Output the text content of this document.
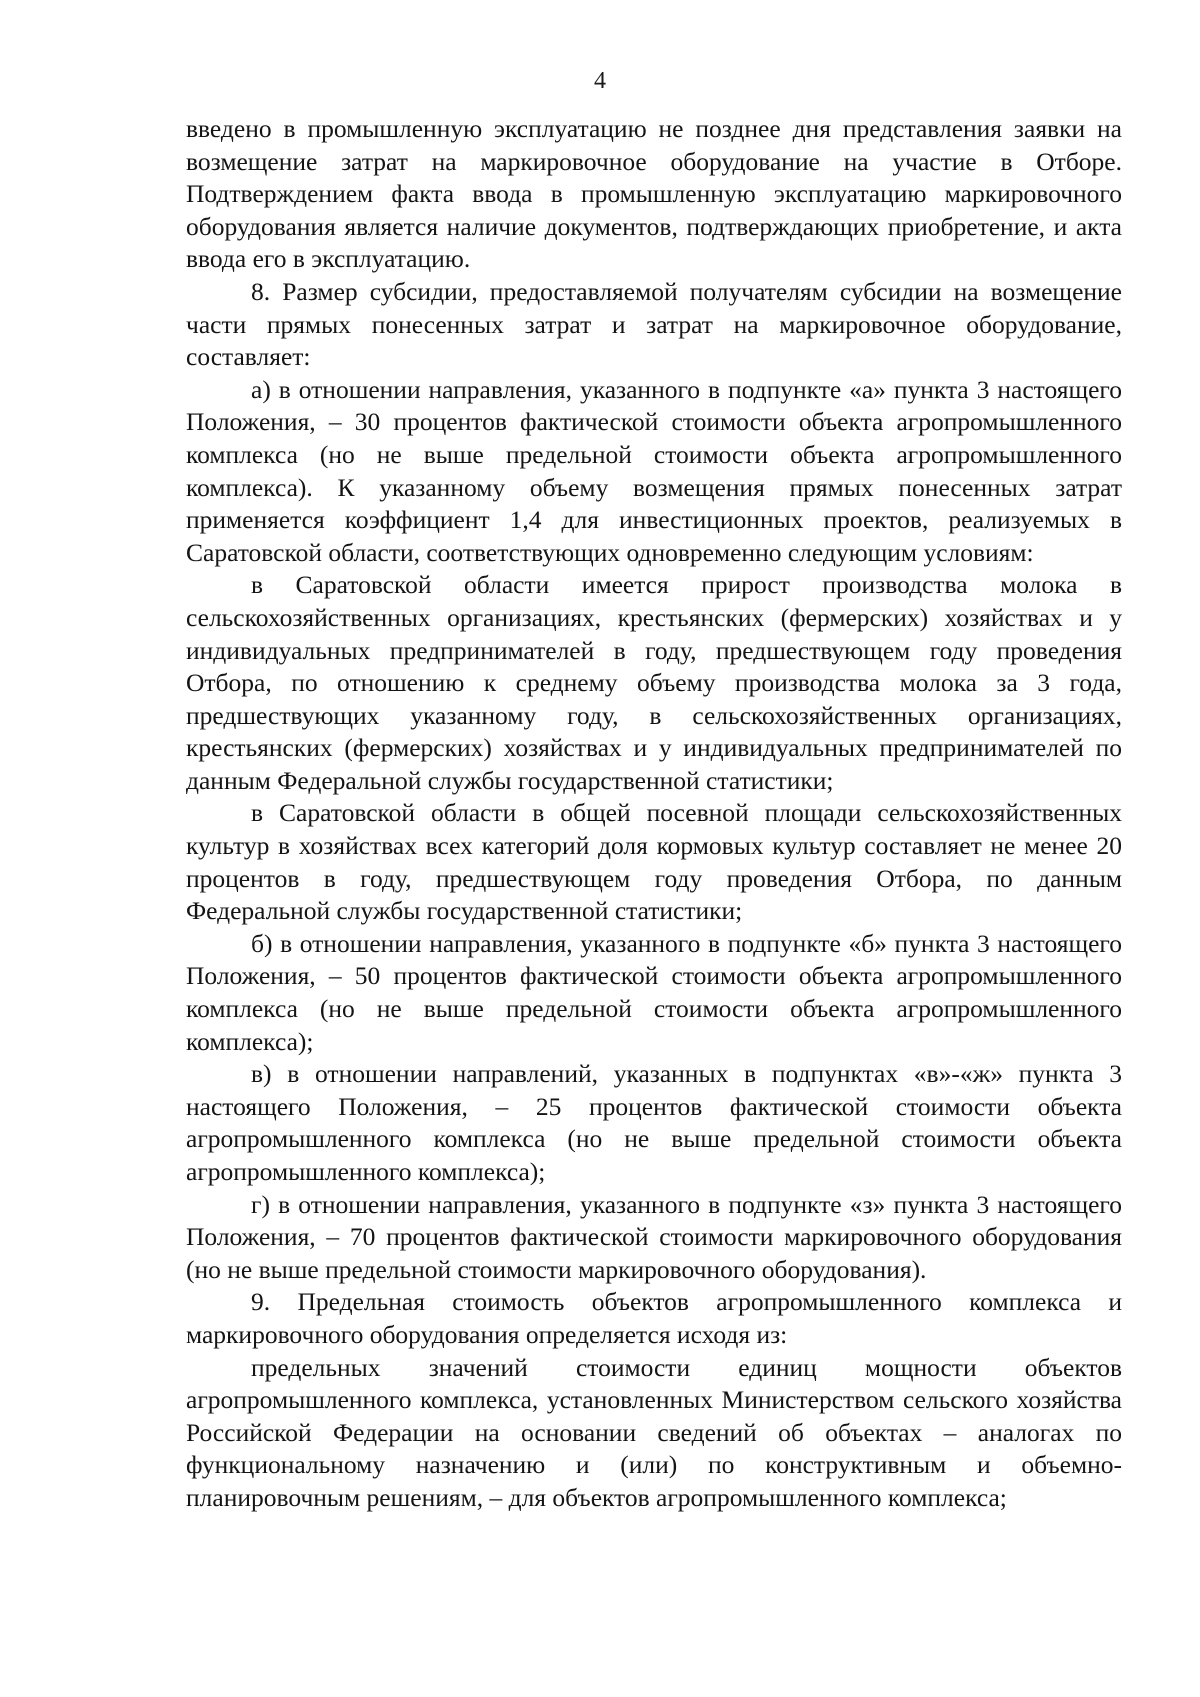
4

введено в промышленную эксплуатацию не позднее дня представления заявки на возмещение затрат на маркировочное оборудование на участие в Отборе. Подтверждением факта ввода в промышленную эксплуатацию маркировочного оборудования является наличие документов, подтверждающих приобретение, и акта ввода его в эксплуатацию.

8. Размер субсидии, предоставляемой получателям субсидии на возмещение части прямых понесенных затрат и затрат на маркировочное оборудование, составляет:

а) в отношении направления, указанного в подпункте «а» пункта 3 настоящего Положения, – 30 процентов фактической стоимости объекта агропромышленного комплекса (но не выше предельной стоимости объекта агропромышленного комплекса). К указанному объему возмещения прямых понесенных затрат применяется коэффициент 1,4 для инвестиционных проектов, реализуемых в Саратовской области, соответствующих одновременно следующим условиям:

в Саратовской области имеется прирост производства молока в сельскохозяйственных организациях, крестьянских (фермерских) хозяйствах и у индивидуальных предпринимателей в году, предшествующем году проведения Отбора, по отношению к среднему объему производства молока за 3 года, предшествующих указанному году, в сельскохозяйственных организациях, крестьянских (фермерских) хозяйствах и у индивидуальных предпринимателей по данным Федеральной службы государственной статистики;

в Саратовской области в общей посевной площади сельскохозяйственных культур в хозяйствах всех категорий доля кормовых культур составляет не менее 20 процентов в году, предшествующем году проведения Отбора, по данным Федеральной службы государственной статистики;

б) в отношении направления, указанного в подпункте «б» пункта 3 настоящего Положения, – 50 процентов фактической стоимости объекта агропромышленного комплекса (но не выше предельной стоимости объекта агропромышленного комплекса);

в) в отношении направлений, указанных в подпунктах «в»-«ж» пункта 3 настоящего Положения, – 25 процентов фактической стоимости объекта агропромышленного комплекса (но не выше предельной стоимости объекта агропромышленного комплекса);

г) в отношении направления, указанного в подпункте «з» пункта 3 настоящего Положения, – 70 процентов фактической стоимости маркировочного оборудования (но не выше предельной стоимости маркировочного оборудования).

9. Предельная стоимость объектов агропромышленного комплекса и маркировочного оборудования определяется исходя из:

предельных значений стоимости единиц мощности объектов агропромышленного комплекса, установленных Министерством сельского хозяйства Российской Федерации на основании сведений об объектах – аналогах по функциональному назначению и (или) по конструктивным и объемно-планировочным решениям, – для объектов агропромышленного комплекса;
